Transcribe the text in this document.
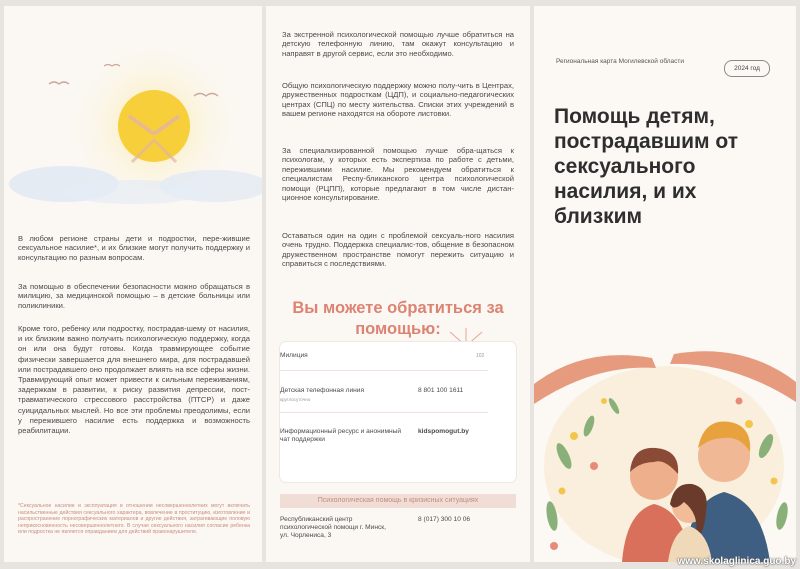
В любом регионе страны дети и подростки, пере-жившие сексуальное насилие*, и их близкие могут получить поддержку и консультацию по разным вопросам.
За помощью в обеспечении безопасности можно обращаться в милицию, за медицинской помощью – в детские больницы или поликлиники.
Кроме того, ребенку или подростку, пострадав-шему от насилия, и их близким важно получить психологическую поддержку, когда он или она будут готовы. Когда травмирующее событие физически завершается для внешнего мира, для пострадавшей или пострадавшего оно продолжает влиять на все сферы жизни. Травмирующий опыт может привести к сильным переживаниям, задержкам в развитии, к риску развития депрессии, пост-травматического стрессового расстройства (ПТСР) и даже суицидальных мыслей. Но все эти проблемы преодолимы, если у пережившего насилие есть поддержка и возможность реабилитации.
*Сексуальное насилие и эксплуатация в отношении несовершеннолетних могут включать насильственные действия сексуального характера, вовлечение в проституцию, изготовление и распространение порнографических материалов и другие действия, затрагивающие половую неприкосновенность несовершеннолетнего. В случае сексуального насилия согласие ребенка или подростка не является оправданием для действий правонарушителя.
За экстренной психологической помощью лучше обратиться на детскую телефонную линию, там окажут консультацию и направят в другой сервис, если это необходимо.
Общую психологическую поддержку можно полу-чить в Центрах, дружественных подросткам (ЦДП), и социально-педагогических центрах (СПЦ) по месту жительства. Списки этих учреждений в вашем регионе находятся на обороте листовки.
За специализированной помощью лучше обра-щаться к психологам, у которых есть экспертиза по работе с детьми, пережившими насилие. Мы рекомендуем обратиться к специалистам Респу-бликанского центра психологической помощи (РЦПП), которые предлагают в том числе дистан-ционное консультирование.
Оставаться один на один с проблемой сексуаль-ного насилия очень трудно. Поддержка специалис-тов, общение в безопасном дружественном пространстве помогут пережить ситуацию и справиться с последствиями.
Вы можете обратиться за помощью:
Милиция	102
Детская телефонная линия
круглосуточно
8 801 100 1611
Информационный ресурс и анонимный чат поддержки
kidspomogut.by
Психологическая помощь в кризисных ситуациях
Республиканский центр психологической помощи г. Минск, ул. Чорлениса, 3
8 (017) 300 10 06
Региональная карта Могилевской области
2024 год
Помощь детям, пострадавшим от сексуального насилия, и их близким
www.skolaglinica.guo.by
